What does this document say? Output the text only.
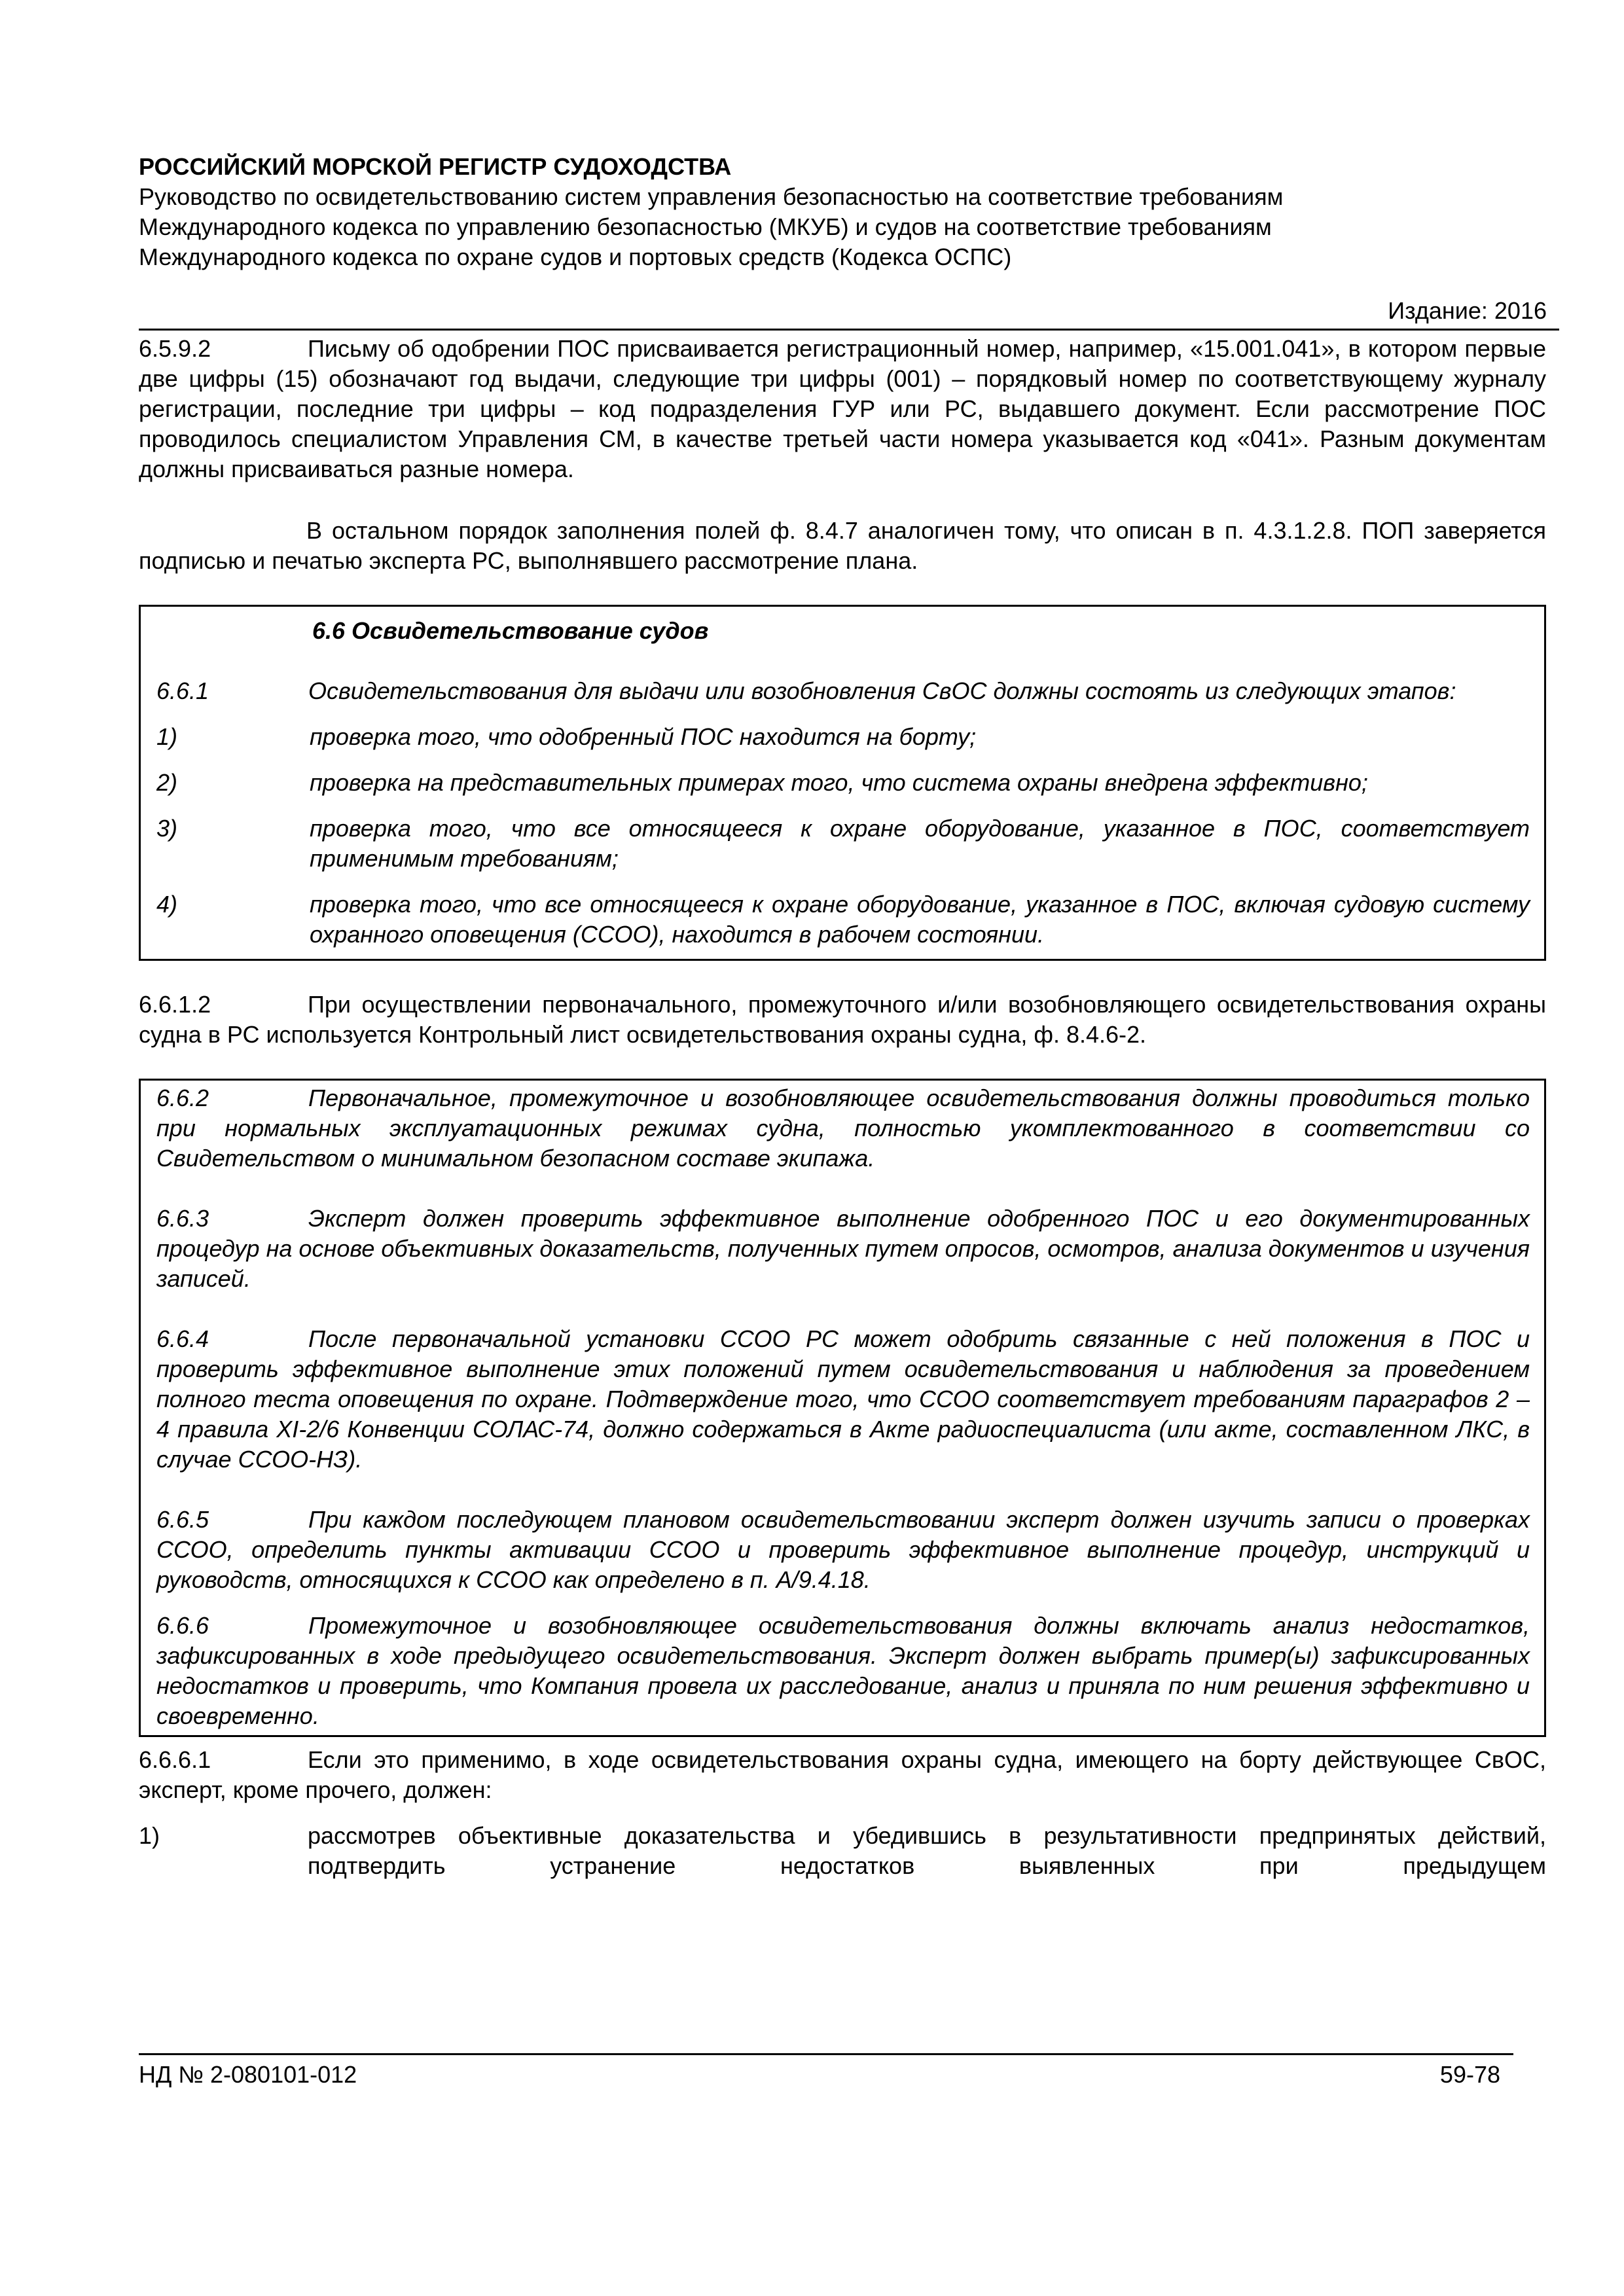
РОССИЙСКИЙ МОРСКОЙ РЕГИСТР СУДОХОДСТВА
Руководство по освидетельствованию систем управления безопасностью на соответствие требованиям
Международного кодекса по управлению безопасностью (МКУБ) и судов на соответствие требованиям
Международного кодекса по охране судов и портовых средств (Кодекса ОСПС)
Издание: 2016

6.5.9.2	Письму об одобрении ПОС присваивается регистрационный номер, например, «15.001.041», в котором первые две цифры (15) обозначают год выдачи, следующие три цифры (001) – порядковый номер по соответствующему журналу регистрации, последние три цифры – код подразделения ГУР или РС, выдавшего документ. Если рассмотрение ПОС проводилось специалистом Управления СМ, в качестве третьей части номера указывается код «041». Разным документам должны присваиваться разные номера.

В остальном порядок заполнения полей ф. 8.4.7 аналогичен тому, что описан в п. 4.3.1.2.8. ПОП заверяется подписью и печатью эксперта РС, выполнявшего рассмотрение плана.

6.6 Освидетельствование судов

6.6.1	Освидетельствования для выдачи или возобновления СвОС должны состоять из следующих этапов:

1)	проверка того, что одобренный ПОС находится на борту;

2)	проверка на представительных примерах того, что система охраны внедрена эффективно;

3)	проверка того, что все относящееся к охране оборудование, указанное в ПОС, соответствует применимым требованиям;

4)	проверка того, что все относящееся к охране оборудование, указанное в ПОС, включая судовую систему охранного оповещения (ССОО), находится в рабочем состоянии.

6.6.1.2	При осуществлении первоначального, промежуточного и/или возобновляющего освидетельствования охраны судна в РС используется Контрольный лист освидетельствования охраны судна, ф. 8.4.6-2.

6.6.2	Первоначальное, промежуточное и возобновляющее освидетельствования должны проводиться только при нормальных эксплуатационных режимах судна, полностью укомплектованного в соответствии со Свидетельством о минимальном безопасном составе экипажа.

6.6.3	Эксперт должен проверить эффективное выполнение одобренного ПОС и его документированных процедур на основе объективных доказательств, полученных путем опросов, осмотров, анализа документов и изучения записей.

6.6.4	После первоначальной установки ССОО РС может одобрить связанные с ней положения в ПОС и проверить эффективное выполнение этих положений путем освидетельствования и наблюдения за проведением полного теста оповещения по охране. Подтверждение того, что ССОО соответствует требованиям параграфов 2 – 4 правила XI-2/6 Конвенции СОЛАС-74, должно содержаться в Акте радиоспециалиста (или акте, составленном ЛКС, в случае ССОО-НЗ).

6.6.5	При каждом последующем плановом освидетельствовании эксперт должен изучить записи о проверках ССОО, определить пункты активации ССОО и проверить эффективное выполнение процедур, инструкций и руководств, относящихся к ССОО как определено в п. А/9.4.18.

6.6.6	Промежуточное и возобновляющее освидетельствования должны включать анализ недостатков, зафиксированных в ходе предыдущего освидетельствования. Эксперт должен выбрать пример(ы) зафиксированных недостатков и проверить, что Компания провела их расследование, анализ и приняла по ним решения эффективно и своевременно.

6.6.6.1	Если это применимо, в ходе освидетельствования охраны судна, имеющего на борту действующее СвОС, эксперт, кроме прочего, должен:

1)	рассмотрев объективные доказательства и убедившись в результативности предпринятых действий, подтвердить устранение недостатков выявленных при предыдущем

НД № 2-080101-012	59-78
